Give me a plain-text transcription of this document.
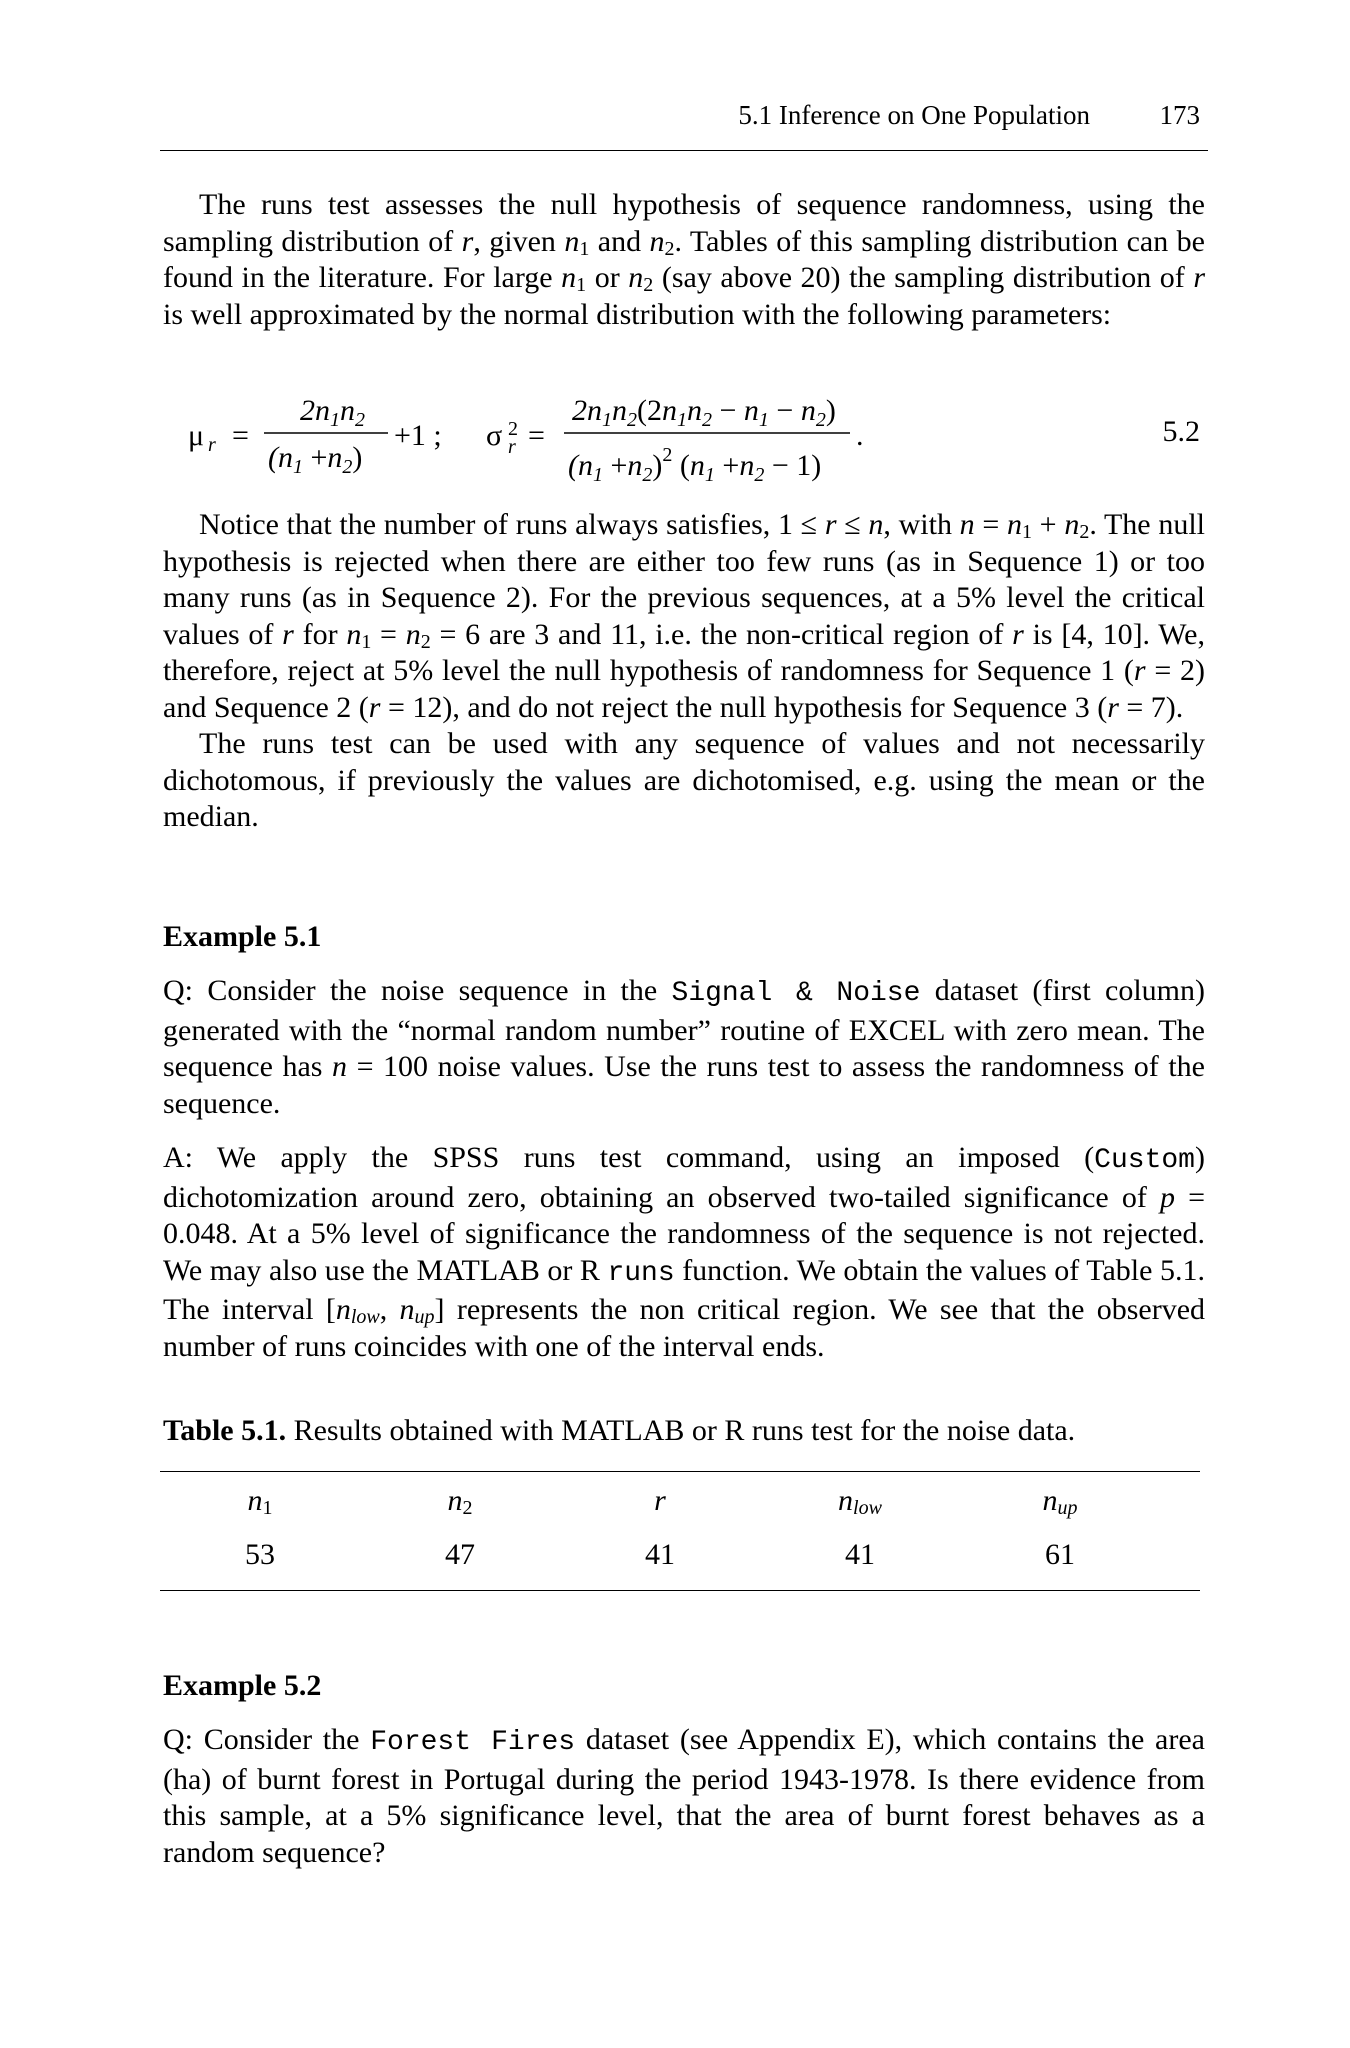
5.1 Inference on One Population	173

The runs test assesses the null hypothesis of sequence randomness, using the sampling distribution of r, given $n_1$ and $n_2$. Tables of this sampling distribution can be found in the literature. For large $n_1$ or $n_2$ (say above 20) the sampling distribution of r is well approximated by the normal distribution with the following parameters:

μ r =
$2n_1n_2$
$(n_1 +n_2)$
+1 ; σ 2
r =
$2n_1n_2(2n_1n_2 - n_1 - n_2)$
$(n_1 +n_2)^2$ $(n_1 +n_2 - 1)$
.	5.2

Notice that the number of runs always satisfies, 1 ≤ r ≤ n, with $n = n_1 + n_2$. The null hypothesis is rejected when there are either too few runs (as in Sequence 1) or too many runs (as in Sequence 2). For the previous sequences, at a 5% level the critical values of r for $n_1 = n_2 = 6$ are 3 and 11, i.e. the non-critical region of r is [4, 10]. We, therefore, reject at 5% level the null hypothesis of randomness for Sequence 1 (r = 2) and Sequence 2 (r = 12), and do not reject the null hypothesis for Sequence 3 (r = 7).

The runs test can be used with any sequence of values and not necessarily dichotomous, if previously the values are dichotomised, e.g. using the mean or the median.

Example 5.1

Q: Consider the noise sequence in the Signal & Noise dataset (first column) generated with the “normal random number” routine of EXCEL with zero mean. The sequence has n = 100 noise values. Use the runs test to assess the randomness of the sequence.

A: We apply the SPSS runs test command, using an imposed (Custom) dichotomization around zero, obtaining an observed two-tailed significance of p = 0.048. At a 5% level of significance the randomness of the sequence is not rejected. We may also use the MATLAB or R runs function. We obtain the values of Table 5.1. The interval [$n_{low}$, $n_{up}$] represents the non critical region. We see that the observed number of runs coincides with one of the interval ends.

Table 5.1. Results obtained with MATLAB or R runs test for the noise data.
$n_1$	$n_2$	r	$n_{low}$	$n_{up}$
53	47	41	41	61
Example 5.2

Q: Consider the Forest Fires dataset (see Appendix E), which contains the area (ha) of burnt forest in Portugal during the period 1943-1978. Is there evidence from this sample, at a 5% significance level, that the area of burnt forest behaves as a random sequence?
